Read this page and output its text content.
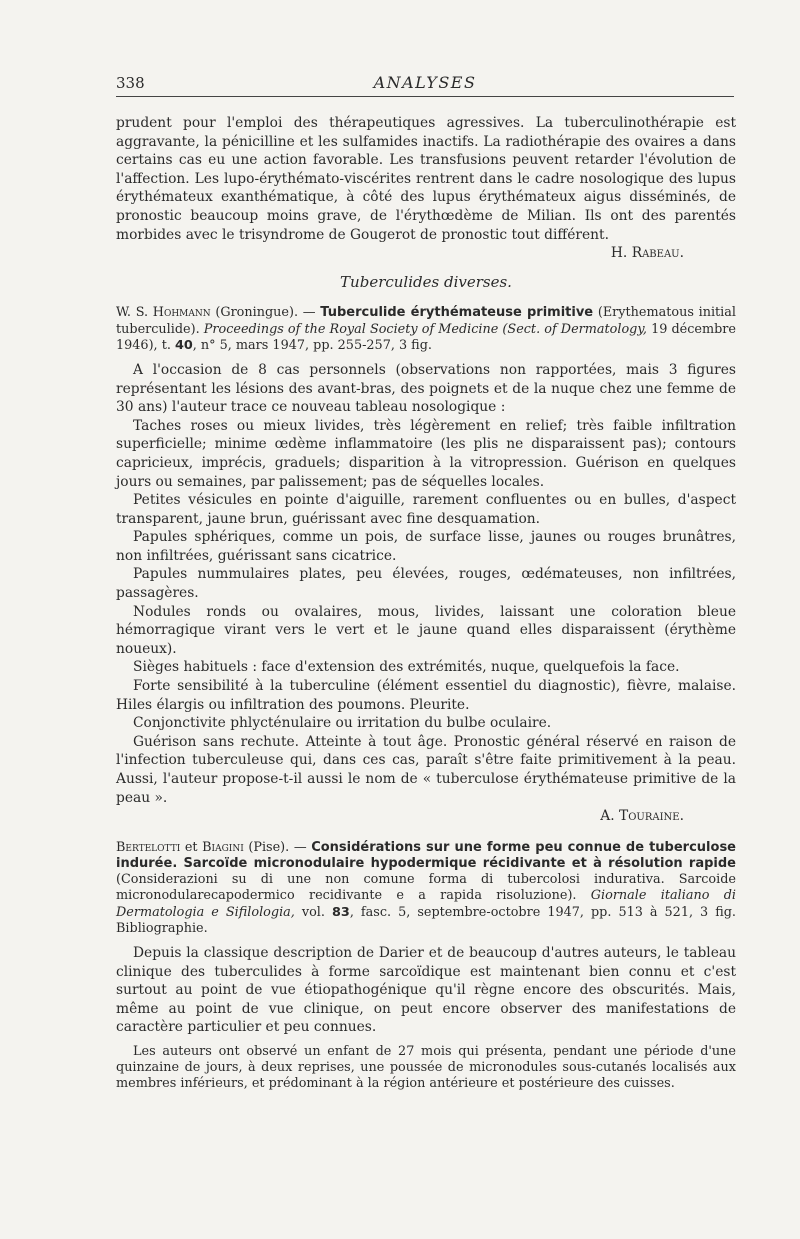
338	ANALYSES

prudent pour l'emploi des thérapeutiques agressives. La tuberculinothérapie est aggravante, la pénicilline et les sulfamides inactifs. La radiothérapie des ovaires a dans certains cas eu une action favorable. Les transfusions peuvent retarder l'évolution de l'affection. Les lupo-érythémato-viscérites rentrent dans le cadre nosologique des lupus érythémateux exanthématique, à côté des lupus érythémateux aigus disséminés, de pronostic beaucoup moins grave, de l'érythœdème de Milian. Ils ont des parentés morbides avec le trisyndrome de Gougerot de pronostic tout différent.

H. Rabeau.

Tuberculides diverses.

W. S. Hohmann (Groningue). — Tuberculide érythémateuse primitive (Erythematous initial tuberculide). Proceedings of the Royal Society of Medicine (Sect. of Dermatology, 19 décembre 1946), t. 40, n° 5, mars 1947, pp. 255-257, 3 fig.

A l'occasion de 8 cas personnels (observations non rapportées, mais 3 figures représentant les lésions des avant-bras, des poignets et de la nuque chez une femme de 30 ans) l'auteur trace ce nouveau tableau nosologique :

Taches roses ou mieux livides, très légèrement en relief; très faible infiltration superficielle; minime œdème inflammatoire (les plis ne disparaissent pas); contours capricieux, imprécis, graduels; disparition à la vitropression. Guérison en quelques jours ou semaines, par palissement; pas de séquelles locales.

Petites vésicules en pointe d'aiguille, rarement confluentes ou en bulles, d'aspect transparent, jaune brun, guérissant avec fine desquamation.

Papules sphériques, comme un pois, de surface lisse, jaunes ou rouges brunâtres, non infiltrées, guérissant sans cicatrice.

Papules nummulaires plates, peu élevées, rouges, œdémateuses, non infiltrées, passagères.

Nodules ronds ou ovalaires, mous, livides, laissant une coloration bleue hémorragique virant vers le vert et le jaune quand elles disparaissent (érythème noueux).

Sièges habituels : face d'extension des extrémités, nuque, quelquefois la face.

Forte sensibilité à la tuberculine (élément essentiel du diagnostic), fièvre, malaise. Hiles élargis ou infiltration des poumons. Pleurite.

Conjonctivite phlycténulaire ou irritation du bulbe oculaire.

Guérison sans rechute. Atteinte à tout âge. Pronostic général réservé en raison de l'infection tuberculeuse qui, dans ces cas, paraît s'être faite primitivement à la peau. Aussi, l'auteur propose-t-il aussi le nom de « tuberculose érythémateuse primitive de la peau ».

A. Touraine.

Bertelotti et Biagini (Pise). — Considérations sur une forme peu connue de tuberculose indurée. Sarcoïde micronodulaire hypodermique récidivante et à résolution rapide (Considerazioni su di une non comune forma di tubercolosi indurativa. Sarcoide micronodularecapodermico recidivante e a rapida risoluzione). Giornale italiano di Dermatologia e Sifilologia, vol. 83, fasc. 5, septembre-octobre 1947, pp. 513 à 521, 3 fig. Bibliographie.

Depuis la classique description de Darier et de beaucoup d'autres auteurs, le tableau clinique des tuberculides à forme sarcoïdique est maintenant bien connu et c'est surtout au point de vue étiopathogénique qu'il règne encore des obscurités. Mais, même au point de vue clinique, on peut encore observer des manifestations de caractère particulier et peu connues.

Les auteurs ont observé un enfant de 27 mois qui présenta, pendant une période d'une quinzaine de jours, à deux reprises, une poussée de micronodules sous-cutanés localisés aux membres inférieurs, et prédominant à la région antérieure et postérieure des cuisses.
